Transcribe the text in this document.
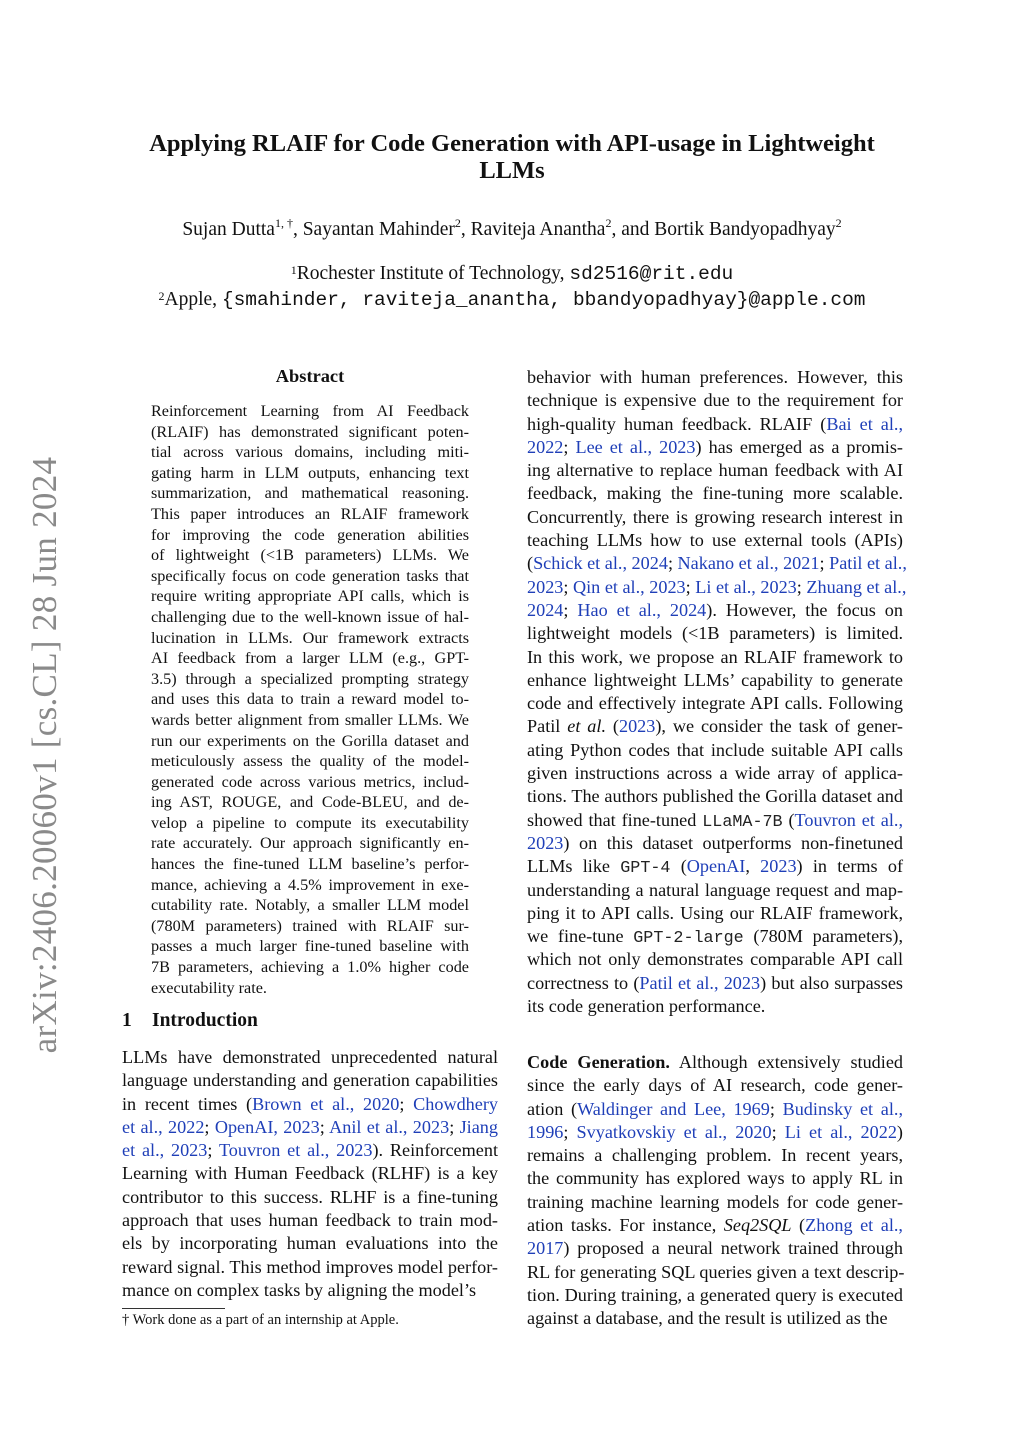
arXiv:2406.20060v1 [cs.CL] 28 Jun 2024
Applying RLAIF for Code Generation with API-usage in Lightweight
LLMs
Sujan Dutta$^{1, \dagger}$, Sayantan Mahinder$^2$, Raviteja Anantha$^2$, and Bortik Bandyopadhyay$^2$
$^1$Rochester Institute of Technology, sd2516@rit.edu
$^2$Apple, {smahinder, raviteja_anantha, bbandyopadhyay}@apple.com
Abstract
Reinforcement Learning from AI Feedback
(RLAIF) has demonstrated significant poten-
tial across various domains, including miti-
gating harm in LLM outputs, enhancing text
summarization, and mathematical reasoning.
This paper introduces an RLAIF framework
for improving the code generation abilities
of lightweight (<1B parameters) LLMs. We
specifically focus on code generation tasks that
require writing appropriate API calls, which is
challenging due to the well-known issue of hal-
lucination in LLMs. Our framework extracts
AI feedback from a larger LLM (e.g., GPT-
3.5) through a specialized prompting strategy
and uses this data to train a reward model to-
wards better alignment from smaller LLMs. We
run our experiments on the Gorilla dataset and
meticulously assess the quality of the model-
generated code across various metrics, includ-
ing AST, ROUGE, and Code-BLEU, and de-
velop a pipeline to compute its executability
rate accurately. Our approach significantly en-
hances the fine-tuned LLM baseline’s perfor-
mance, achieving a 4.5% improvement in exe-
cutability rate. Notably, a smaller LLM model
(780M parameters) trained with RLAIF sur-
passes a much larger fine-tuned baseline with
7B parameters, achieving a 1.0% higher code
executability rate.
1 Introduction
LLMs have demonstrated unprecedented natural
language understanding and generation capabilities
in recent times (Brown et al., 2020; Chowdhery
et al., 2022; OpenAI, 2023; Anil et al., 2023; Jiang
et al., 2023; Touvron et al., 2023). Reinforcement
Learning with Human Feedback (RLHF) is a key
contributor to this success. RLHF is a fine-tuning
approach that uses human feedback to train mod-
els by incorporating human evaluations into the
reward signal. This method improves model perfor-
mance on complex tasks by aligning the model’s
† Work done as a part of an internship at Apple.
behavior with human preferences. However, this
technique is expensive due to the requirement for
high-quality human feedback. RLAIF (Bai et al.,
2022; Lee et al., 2023) has emerged as a promis-
ing alternative to replace human feedback with AI
feedback, making the fine-tuning more scalable.
Concurrently, there is growing research interest in
teaching LLMs how to use external tools (APIs)
(Schick et al., 2024; Nakano et al., 2021; Patil et al.,
2023; Qin et al., 2023; Li et al., 2023; Zhuang et al.,
2024; Hao et al., 2024). However, the focus on
lightweight models (<1B parameters) is limited.
In this work, we propose an RLAIF framework to
enhance lightweight LLMs’ capability to generate
code and effectively integrate API calls. Following
Patil et al. (2023), we consider the task of gener-
ating Python codes that include suitable API calls
given instructions across a wide array of applica-
tions. The authors published the Gorilla dataset and
showed that fine-tuned LLaMA-7B (Touvron et al.,
2023) on this dataset outperforms non-finetuned
LLMs like GPT-4 (OpenAI, 2023) in terms of
understanding a natural language request and map-
ping it to API calls. Using our RLAIF framework,
we fine-tune GPT-2-large (780M parameters),
which not only demonstrates comparable API call
correctness to (Patil et al., 2023) but also surpasses
its code generation performance.
Code Generation. Although extensively studied
since the early days of AI research, code gener-
ation (Waldinger and Lee, 1969; Budinsky et al.,
1996; Svyatkovskiy et al., 2020; Li et al., 2022)
remains a challenging problem. In recent years,
the community has explored ways to apply RL in
training machine learning models for code gener-
ation tasks. For instance, Seq2SQL (Zhong et al.,
2017) proposed a neural network trained through
RL for generating SQL queries given a text descrip-
tion. During training, a generated query is executed
against a database, and the result is utilized as the
